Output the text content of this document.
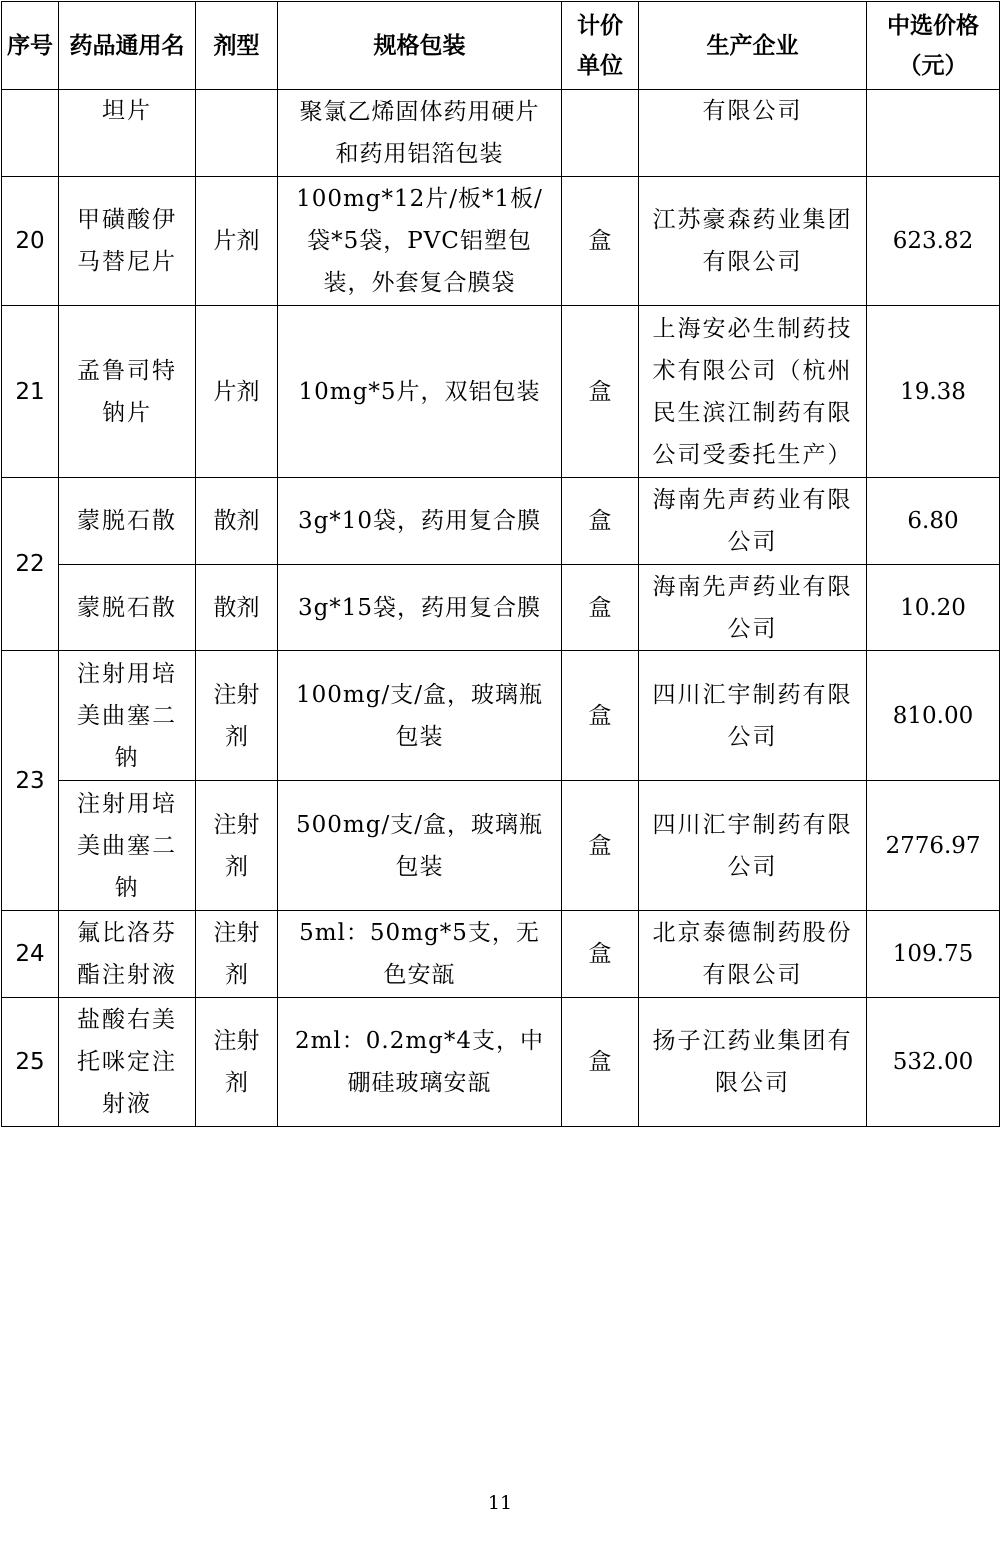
序号	药品通用名	剂型	规格包装	计价单位	生产企业	中选价格（元）
	坦片		聚氯乙烯固体药用硬片和药用铝箔包装		有限公司	
20	甲磺酸伊马替尼片	片剂	100mg*12片/板*1板/袋*5袋，PVC铝塑包装，外套复合膜袋	盒	江苏豪森药业集团有限公司	623.82
21	孟鲁司特钠片	片剂	10mg*5片，双铝包装	盒	上海安必生制药技术有限公司（杭州民生滨江制药有限公司受委托生产）	19.38
22	蒙脱石散	散剂	3g*10袋，药用复合膜	盒	海南先声药业有限公司	6.80
	蒙脱石散	散剂	3g*15袋，药用复合膜	盒	海南先声药业有限公司	10.20
23	注射用培美曲塞二钠	注射剂	100mg/支/盒，玻璃瓶包装	盒	四川汇宇制药有限公司	810.00
	注射用培美曲塞二钠	注射剂	500mg/支/盒，玻璃瓶包装	盒	四川汇宇制药有限公司	2776.97
24	氟比洛芬酯注射液	注射剂	5ml：50mg*5支，无色安瓿	盒	北京泰德制药股份有限公司	109.75
25	盐酸右美托咪定注射液	注射剂	2ml：0.2mg*4支，中硼硅玻璃安瓿	盒	扬子江药业集团有限公司	532.00
11
